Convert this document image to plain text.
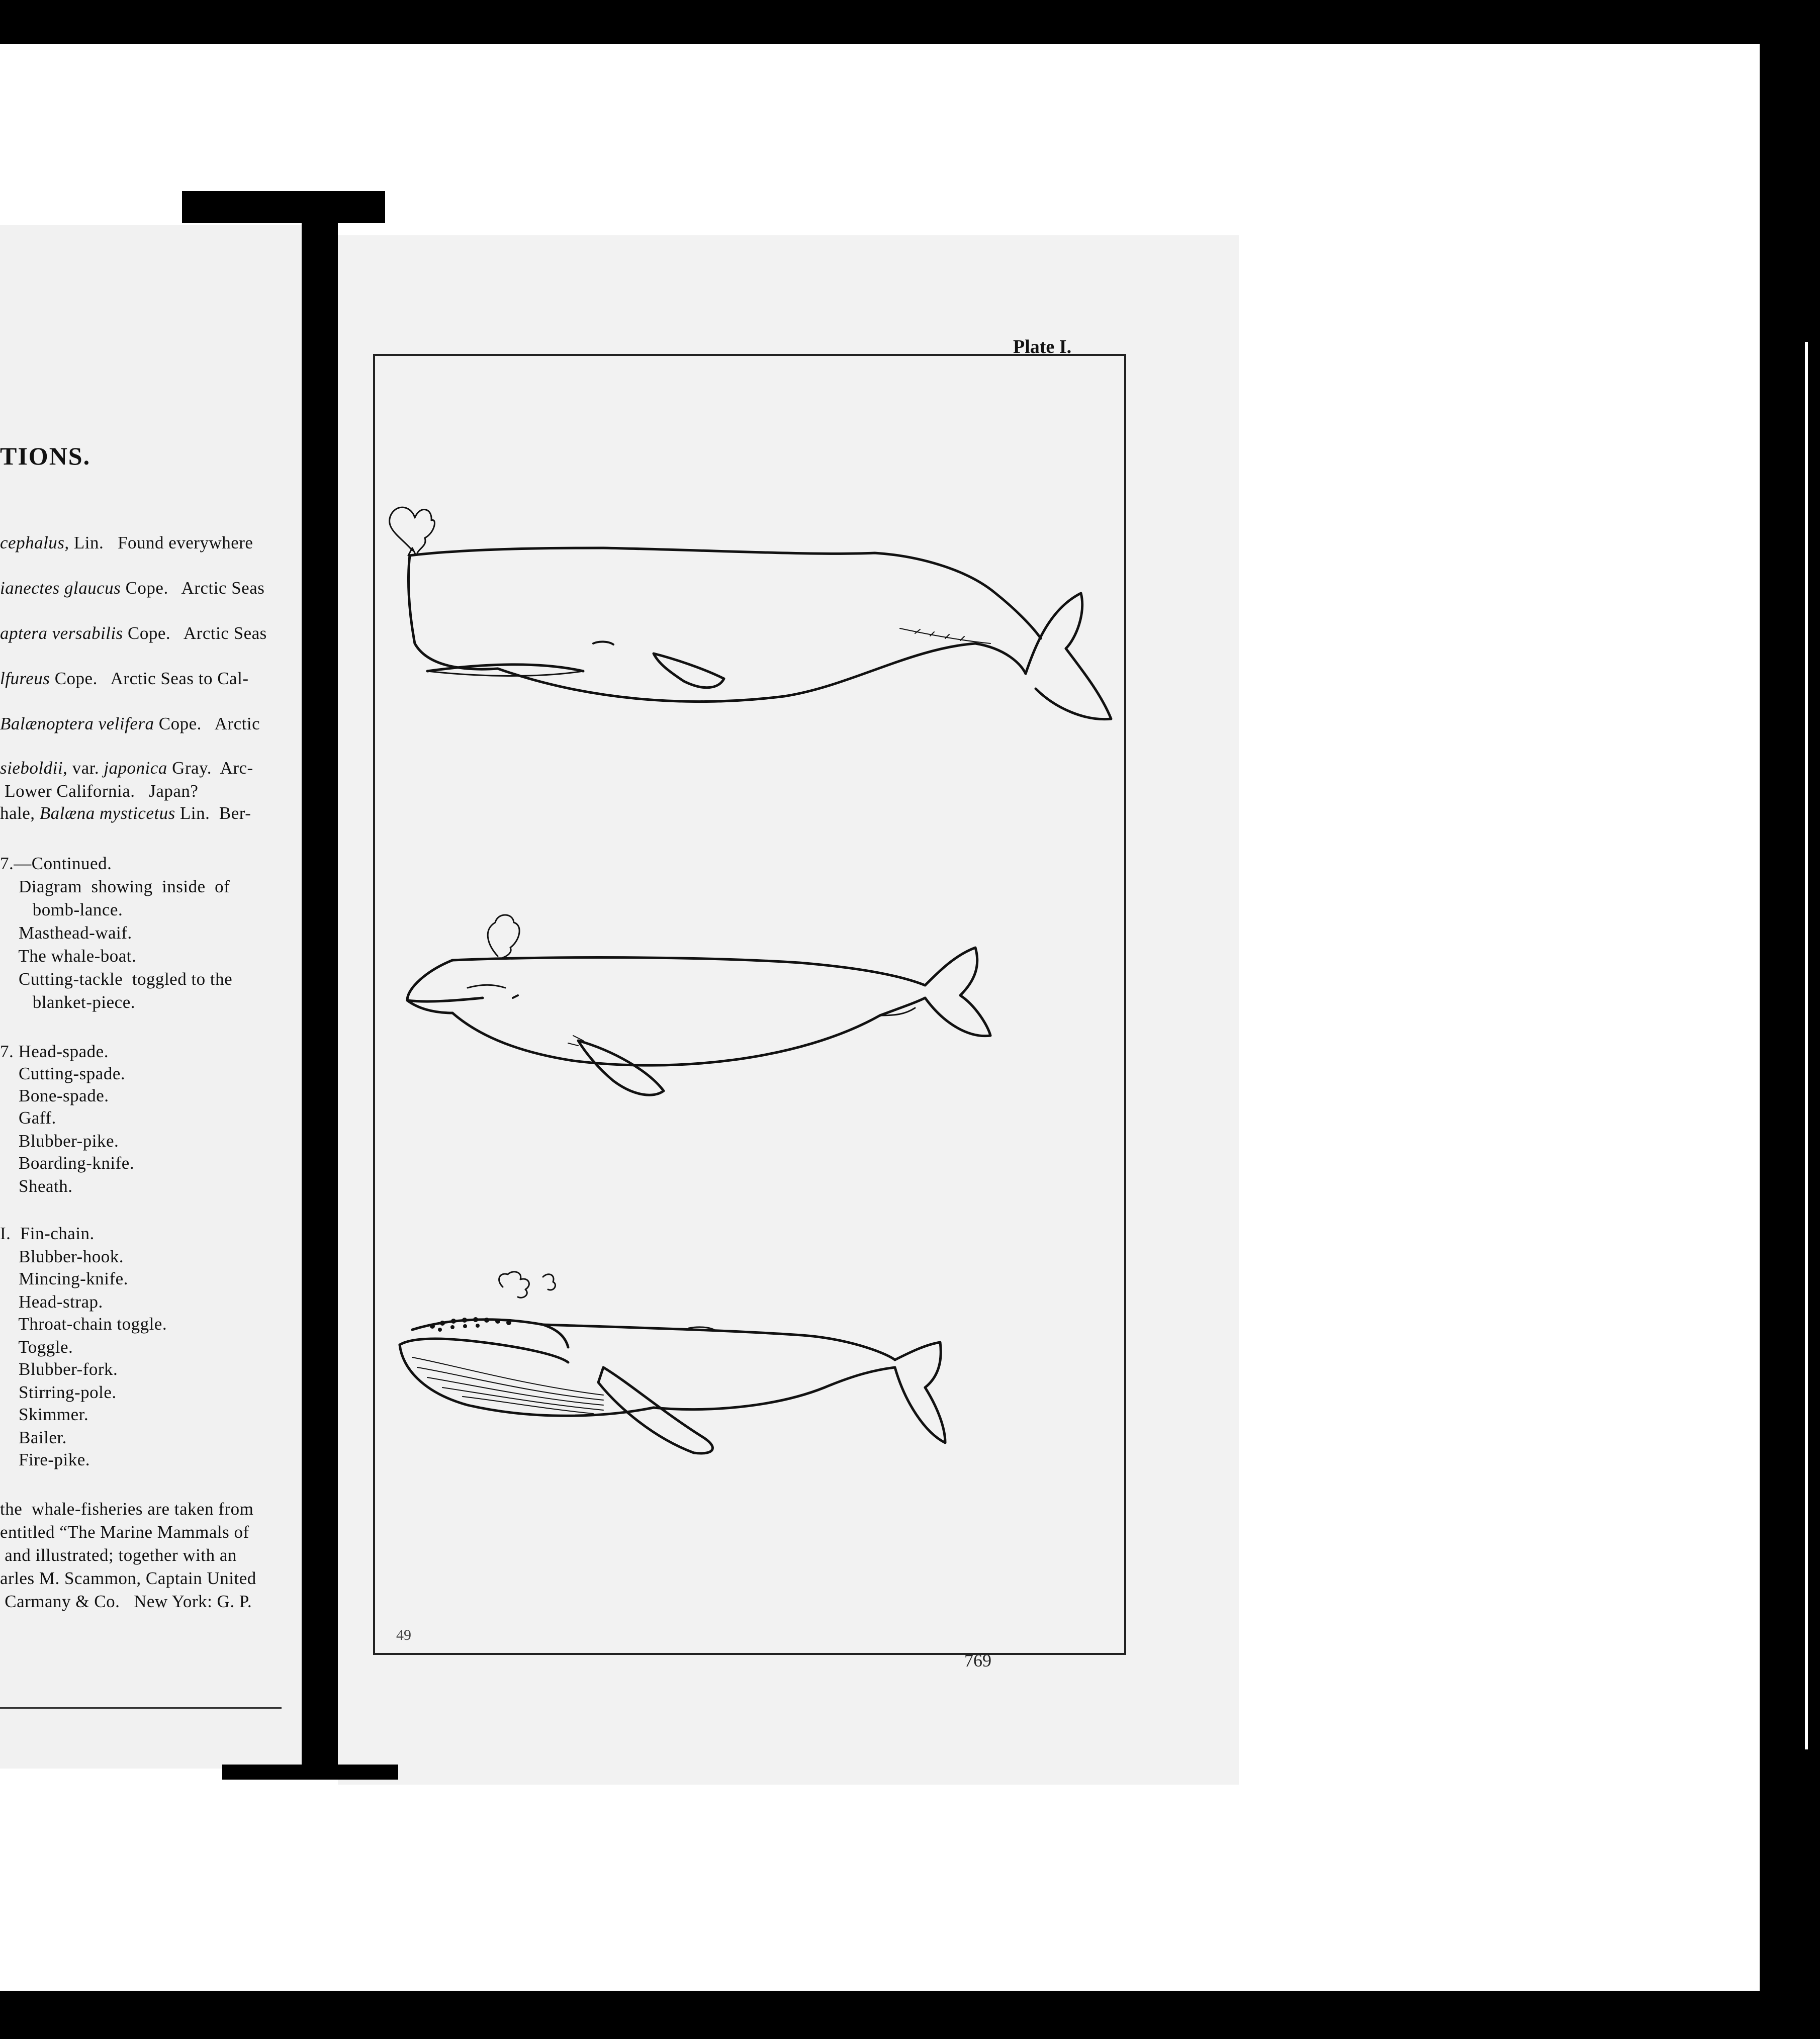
TIONS.
cephalus, Lin.   Found everywhere
ianectes glaucus Cope.   Arctic Seas
aptera versabilis Cope.   Arctic Seas
lfureus Cope.   Arctic Seas to Cal-
Balænoptera velifera Cope.   Arctic
sieboldii, var. japonica Gray.  Arc-
Lower California.   Japan?
hale, Balæna mysticetus Lin.  Ber-
7.—Continued.
Diagram  showing  inside  of
bomb-lance.
Masthead-waif.
The whale-boat.
Cutting-tackle  toggled to the
blanket-piece.
7. Head-spade.
Cutting-spade.
Bone-spade.
Gaff.
Blubber-pike.
Boarding-knife.
Sheath.
I.  Fin-chain.
Blubber-hook.
Mincing-knife.
Head-strap.
Throat-chain toggle.
Toggle.
Blubber-fork.
Stirring-pole.
Skimmer.
Bailer.
Fire-pike.
the  whale-fisheries are taken from
entitled “The Marine Mammals of
and illustrated; together with an
arles M. Scammon, Captain United
Carmany & Co.   New York: G. P.
Plate I.
49
769
